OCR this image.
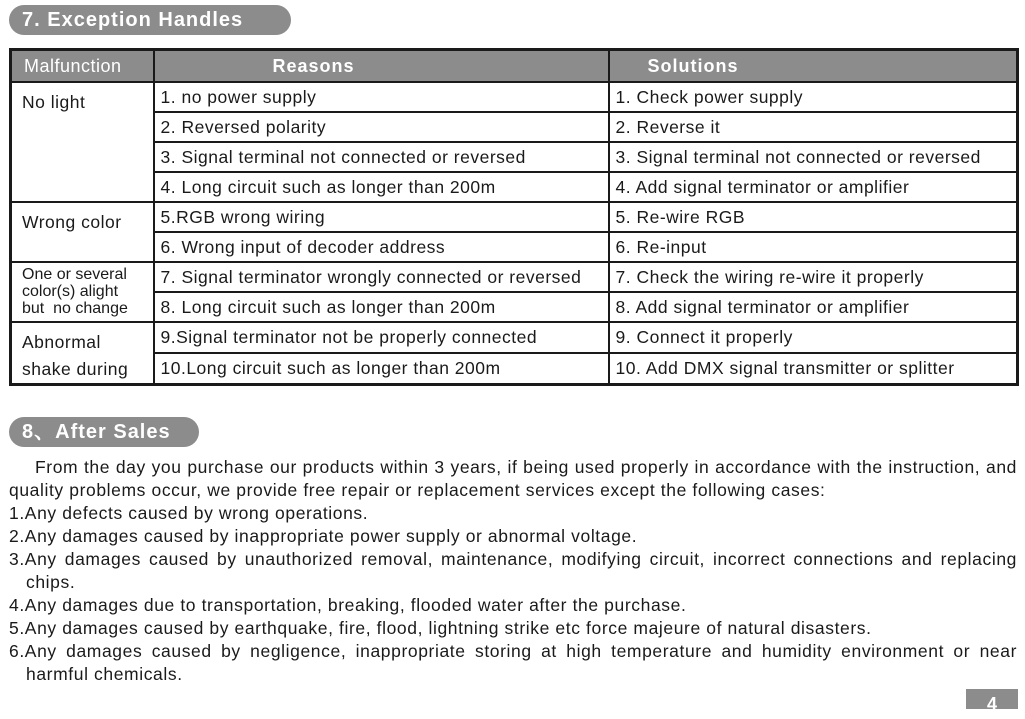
7. Exception Handles
Malfunction	Reasons	Solutions
No light	1. no power supply	1. Check power supply
	2. Reversed polarity	2. Reverse it
	3. Signal terminal not connected or reversed	3. Signal terminal not connected or reversed
	4. Long circuit such as longer than 200m	4. Add signal terminator or amplifier
Wrong color	5.RGB wrong wiring	5. Re-wire RGB
	6. Wrong input of decoder address	6. Re-input

One or several
color(s) alight
but  no change	7. Signal terminator wrongly connected or reversed	7. Check the wiring re-wire it properly
	8. Long circuit such as longer than 200m	8. Add signal terminator or amplifier

Abnormal
shake during	9.Signal terminator not be properly connected	9. Connect it properly
	10.Long circuit such as longer than 200m	10. Add DMX signal transmitter or splitter
8、After Sales

From the day you purchase our products within 3 years, if being used properly in accordance with the instruction, and quality problems occur, we provide free repair or replacement services except the following cases:

1.Any defects caused by wrong operations.
2.Any damages caused by inappropriate power supply or abnormal voltage.
3.Any damages caused by unauthorized removal, maintenance, modifying circuit, incorrect connections and replacing chips.
4.Any damages due to transportation, breaking, flooded water after the purchase.
5.Any damages caused by earthquake, fire, flood, lightning strike etc force majeure of natural disasters.
6.Any damages caused by negligence, inappropriate storing at high temperature and humidity environment or near harmful chemicals.
4
